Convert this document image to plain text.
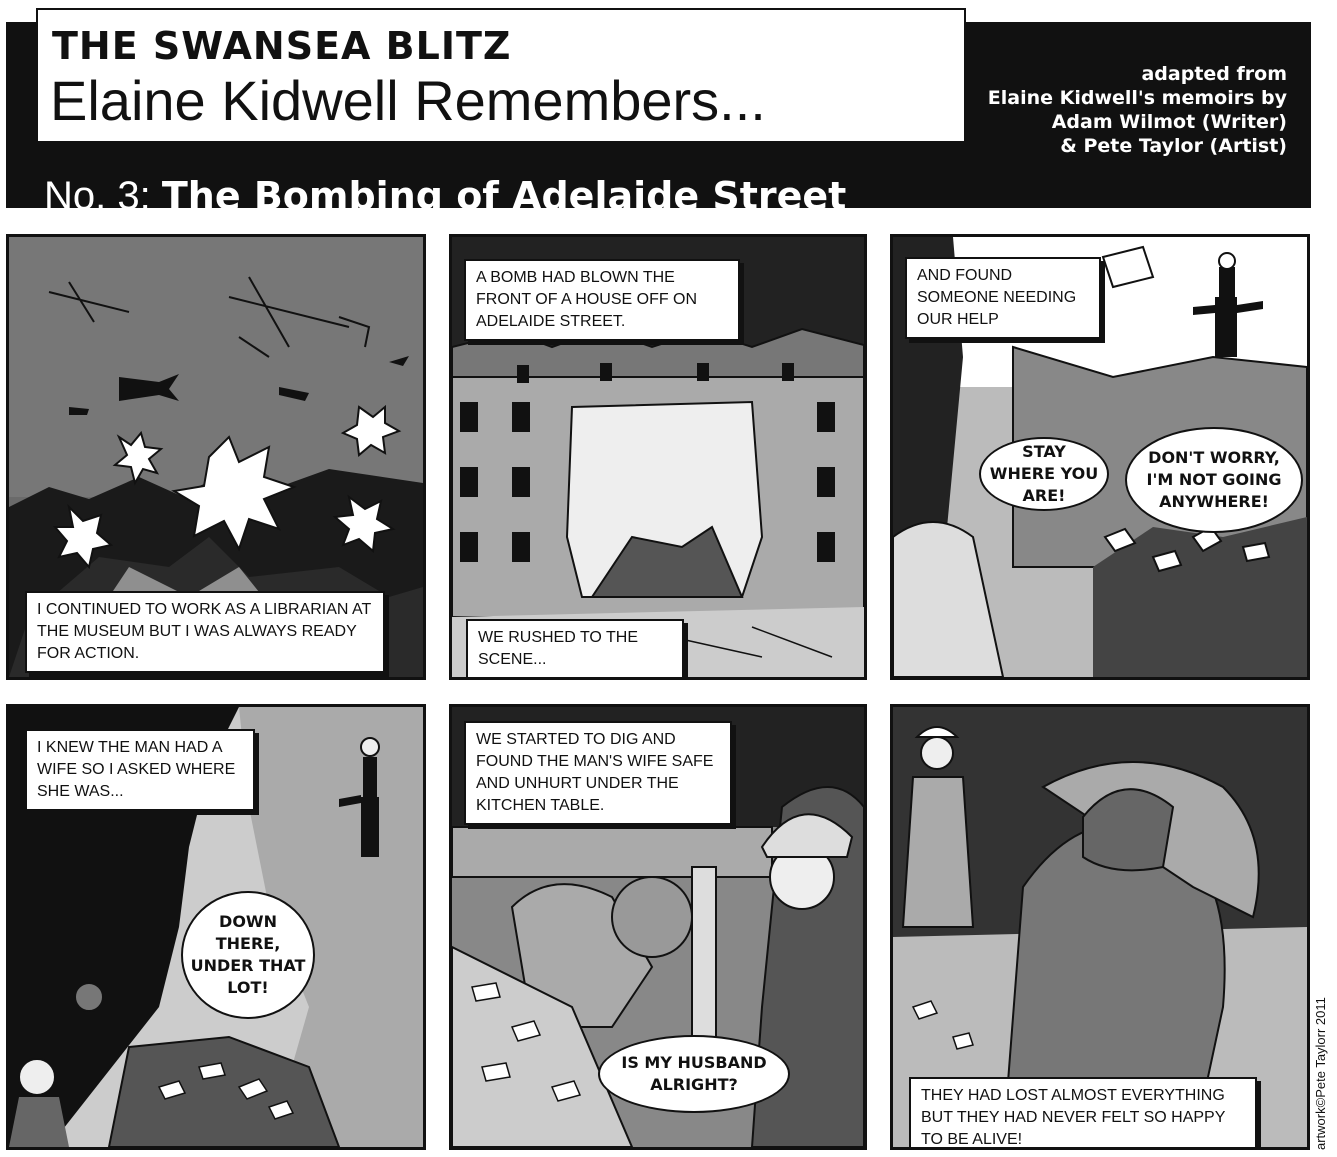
THE SWANSEA BLITZ
Elaine Kidwell Remembers...
No. 3: The Bombing of Adelaide Street
adapted from
Elaine Kidwell's memoirs by
Adam Wilmot (Writer)
& Pete Taylor (Artist)
I CONTINUED TO WORK AS A LIBRARIAN AT THE MUSEUM BUT I WAS ALWAYS READY FOR ACTION.
A BOMB HAD BLOWN THE FRONT OF A HOUSE OFF ON ADELAIDE STREET.
WE RUSHED TO THE SCENE...
AND FOUND SOMEONE NEEDING OUR HELP
STAY WHERE YOU ARE!
DON'T WORRY, I'M NOT GOING ANYWHERE!
I KNEW THE MAN HAD A WIFE SO I ASKED WHERE SHE WAS...
DOWN THERE, UNDER THAT LOT!
WE STARTED TO DIG AND FOUND THE MAN'S WIFE SAFE AND UNHURT UNDER THE KITCHEN TABLE.
IS MY HUSBAND ALRIGHT?
THEY HAD LOST ALMOST EVERYTHING BUT THEY HAD NEVER FELT SO HAPPY TO BE ALIVE!	artwork©Pete Taylorr 2011
